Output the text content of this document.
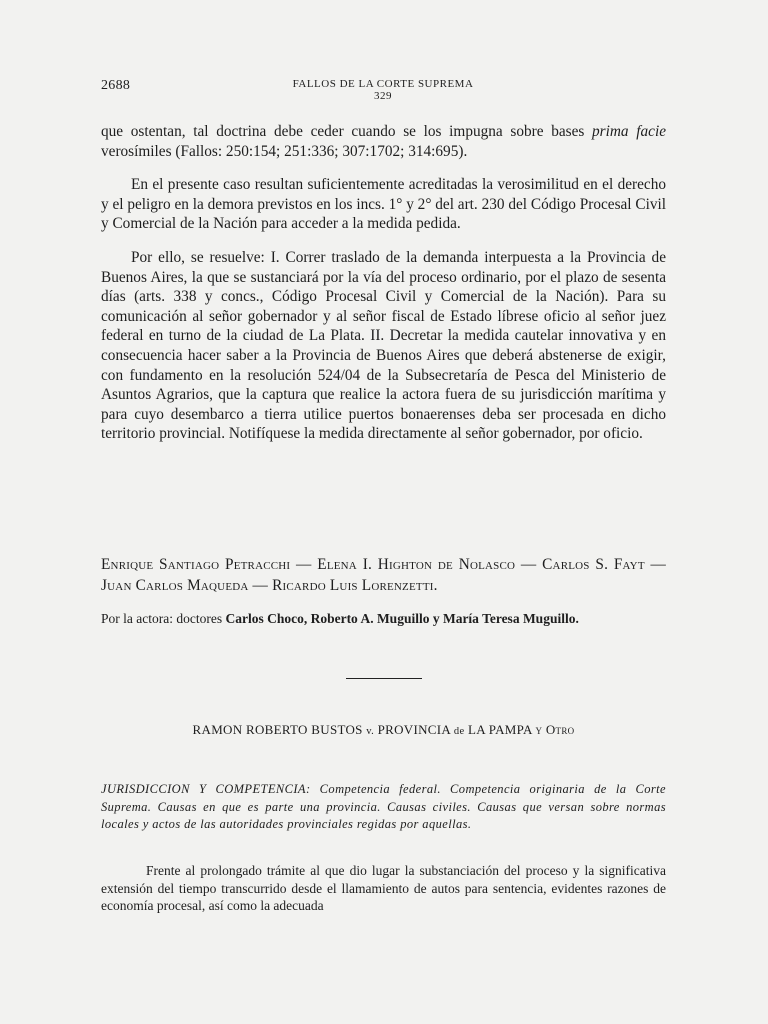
2688	FALLOS DE LA CORTE SUPREMA
329

que ostentan, tal doctrina debe ceder cuando se los impugna sobre bases prima facie verosímiles (Fallos: 250:154; 251:336; 307:1702; 314:695).

En el presente caso resultan suficientemente acreditadas la verosimilitud en el derecho y el peligro en la demora previstos en los incs. 1° y 2° del art. 230 del Código Procesal Civil y Comercial de la Nación para acceder a la medida pedida.

Por ello, se resuelve: I. Correr traslado de la demanda interpuesta a la Provincia de Buenos Aires, la que se sustanciará por la vía del proceso ordinario, por el plazo de sesenta días (arts. 338 y concs., Código Procesal Civil y Comercial de la Nación). Para su comunicación al señor gobernador y al señor fiscal de Estado líbrese oficio al señor juez federal en turno de la ciudad de La Plata. II. Decretar la medida cautelar innovativa y en consecuencia hacer saber a la Provincia de Buenos Aires que deberá abstenerse de exigir, con fundamento en la resolución 524/04 de la Subsecretaría de Pesca del Ministerio de Asuntos Agrarios, que la captura que realice la actora fuera de su jurisdicción marítima y para cuyo desembarco a tierra utilice puertos bonaerenses deba ser procesada en dicho territorio provincial. Notifíquese la medida directamente al señor gobernador, por oficio.

Enrique Santiago Petracchi — Elena I. Highton de Nolasco — Carlos S. Fayt — Juan Carlos Maqueda — Ricardo Luis Lorenzetti.
Por la actora: doctores Carlos Choco, Roberto A. Muguillo y María Teresa Muguillo.
RAMON ROBERTO BUSTOS v. PROVINCIA de LA PAMPA y Otro
JURISDICCION Y COMPETENCIA: Competencia federal. Competencia originaria de la Corte Suprema. Causas en que es parte una provincia. Causas civiles. Causas que versan sobre normas locales y actos de las autoridades provinciales regidas por aquellas.
Frente al prolongado trámite al que dio lugar la substanciación del proceso y la significativa extensión del tiempo transcurrido desde el llamamiento de autos para sentencia, evidentes razones de economía procesal, así como la adecuada
